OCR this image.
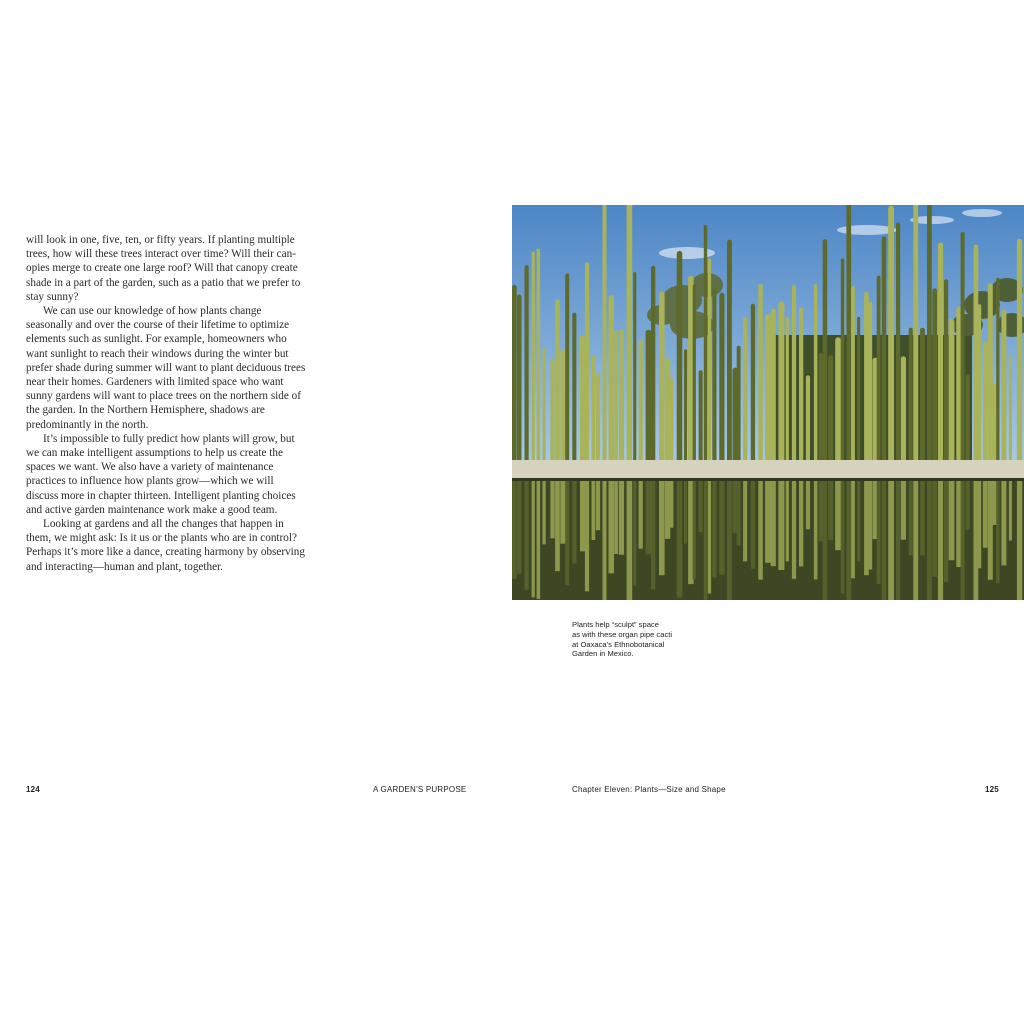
will look in one, five, ten, or fifty years. If planting multiple trees, how will these trees interact over time? Will their can-opies merge to create one large roof? Will that canopy create shade in a part of the garden, such as a patio that we prefer to stay sunny?

We can use our knowledge of how plants change seasonally and over the course of their lifetime to optimize elements such as sunlight. For example, homeowners who want sunlight to reach their windows during the winter but prefer shade during summer will want to plant deciduous trees near their homes. Gardeners with limited space who want sunny gardens will want to place trees on the northern side of the garden. In the Northern Hemisphere, shadows are predominantly in the north.

It’s impossible to fully predict how plants will grow, but we can make intelligent assumptions to help us create the spaces we want. We also have a variety of maintenance practices to influence how plants grow—which we will discuss more in chapter thirteen. Intelligent planting choices and active garden maintenance work make a good team.

Looking at gardens and all the changes that happen in them, we might ask: Is it us or the plants who are in control? Perhaps it’s more like a dance, creating harmony by observing and interacting—human and plant, together.

124	A GARDEN’S PURPOSE
Plants help “sculpt” space
as with these organ pipe cacti
at Oaxaca’s Ethnobotanical
Garden in Mexico.
Chapter Eleven: Plants—Size and Shape	125
